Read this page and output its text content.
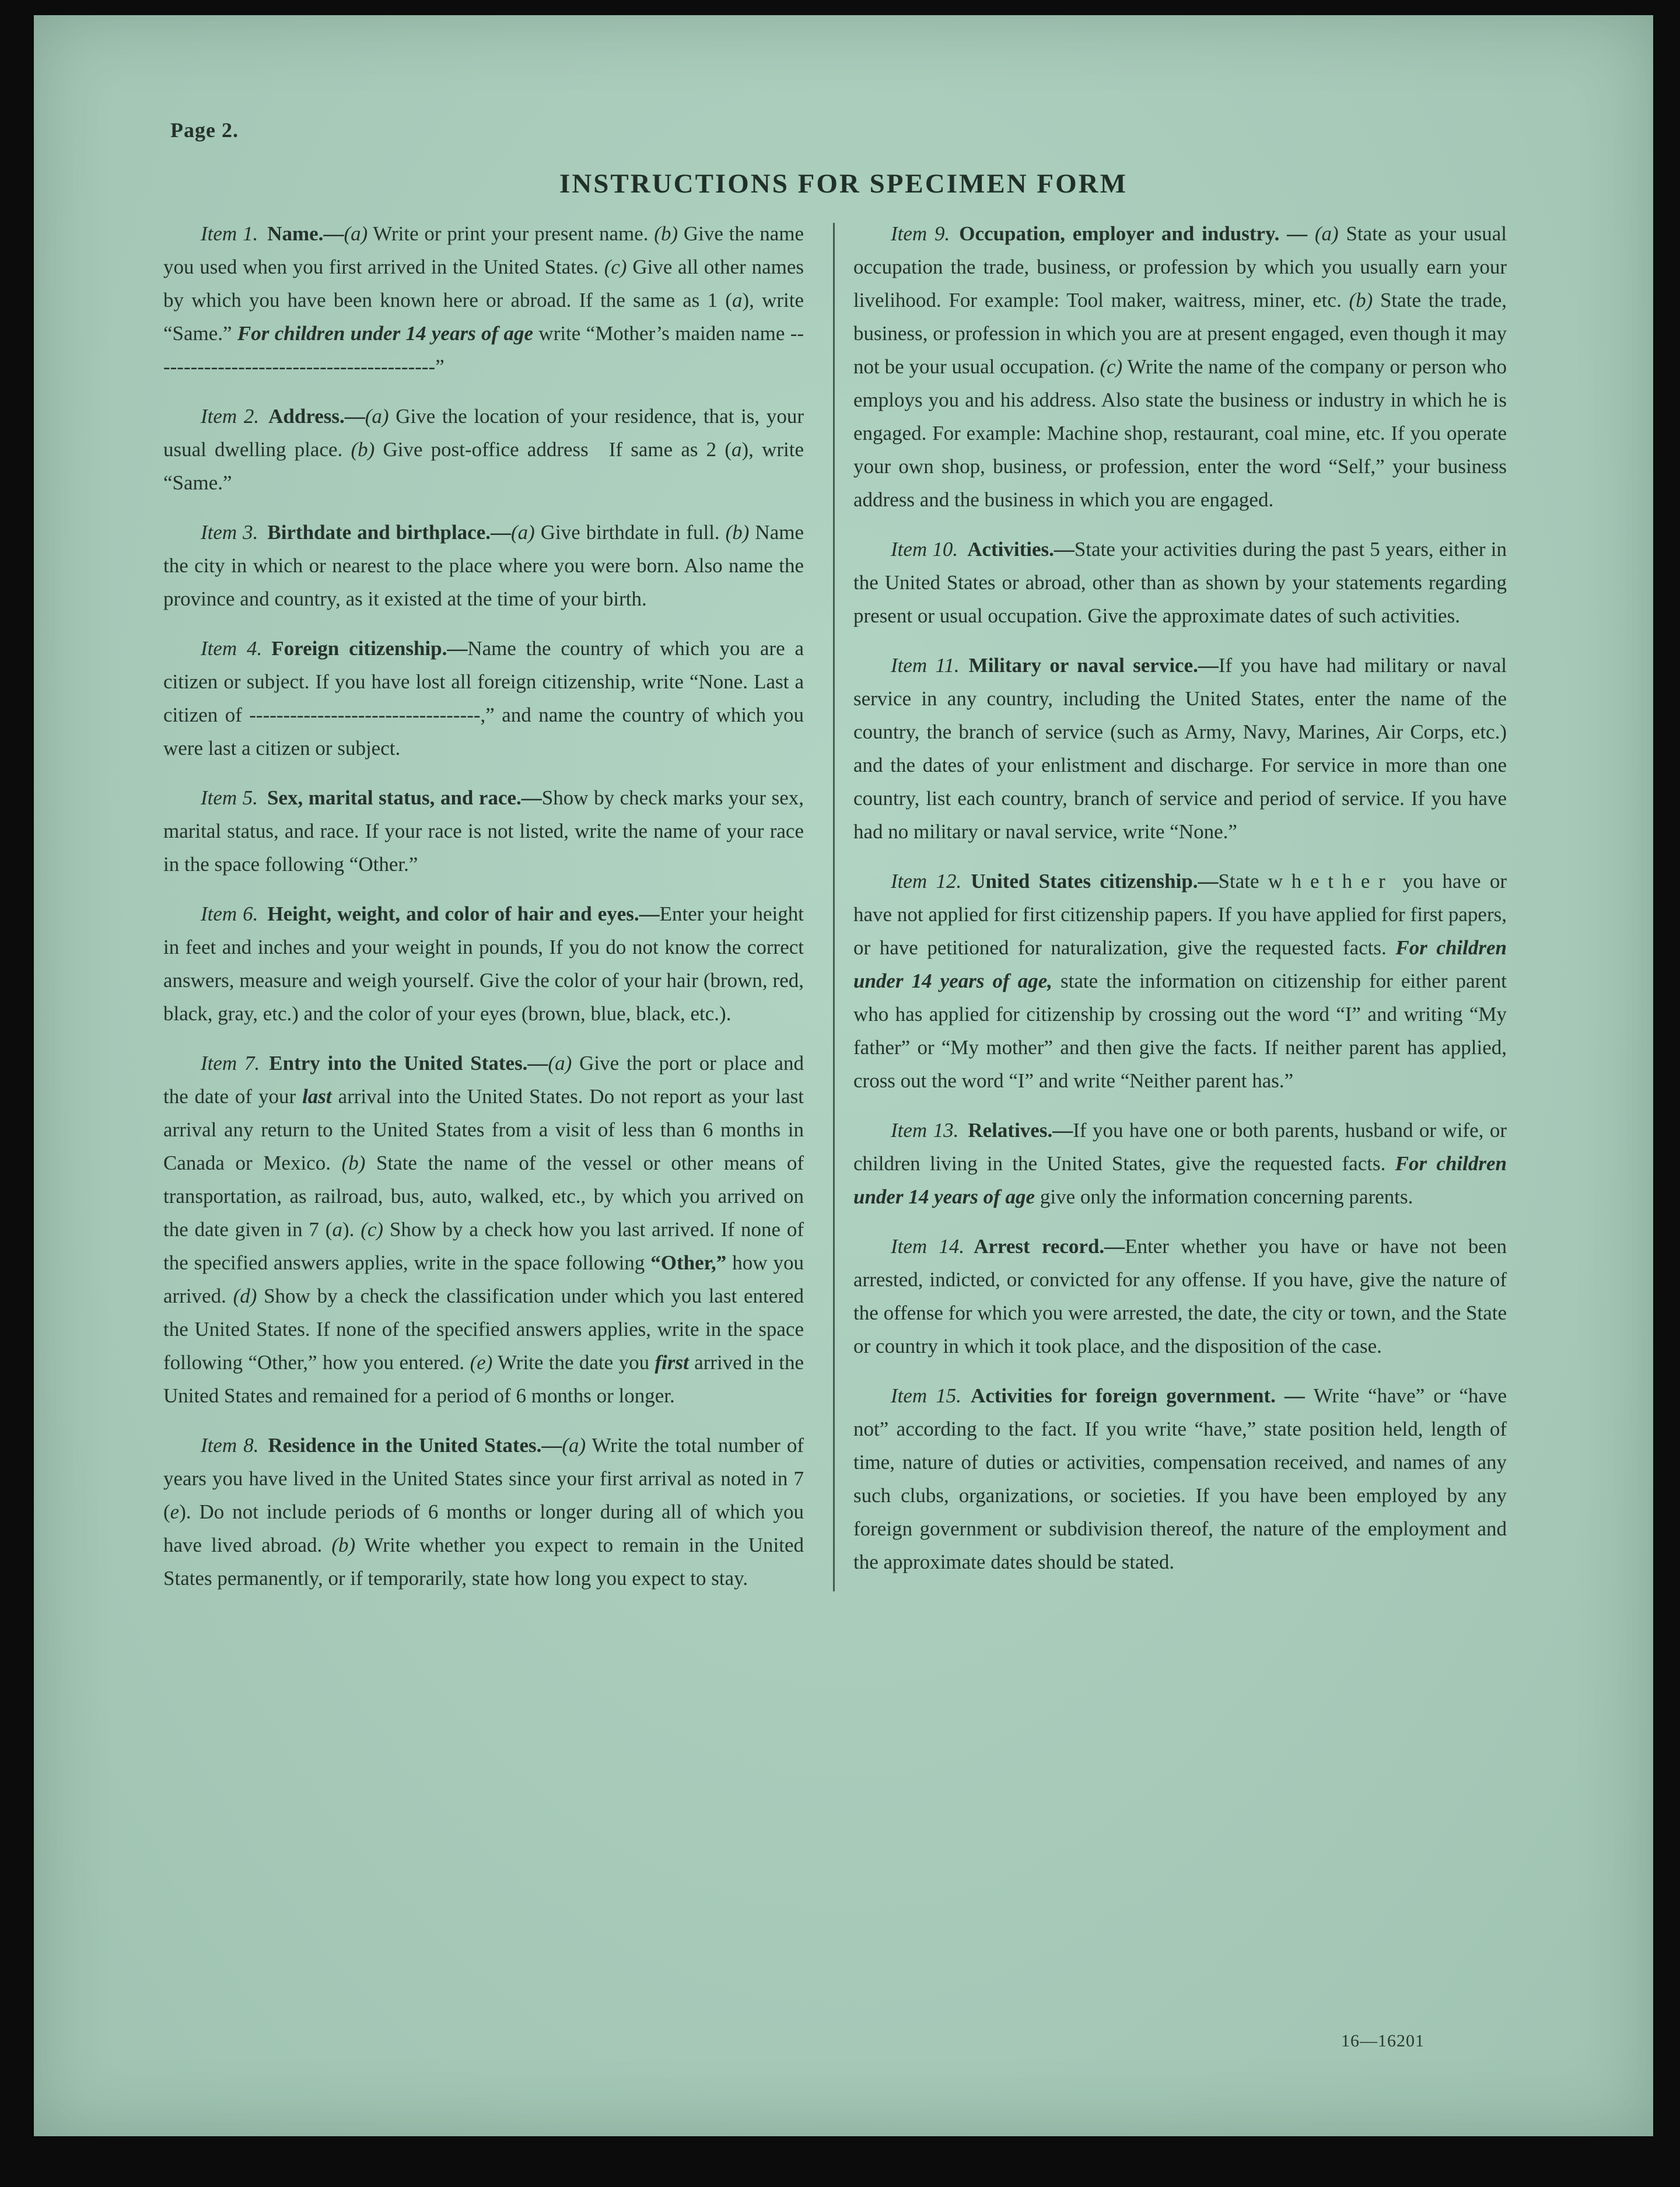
Page 2.
INSTRUCTIONS FOR SPECIMEN FORM

Item 1. Name.—(a) Write or print your present name. (b) Give the name you used when you first arrived in the United States. (c) Give all other names by which you have been known here or abroad. If the same as 1 (a), write “Same.” For children under 14 years of age write “Mother’s maiden name ------------------------------------------”

Item 2. Address.—(a) Give the location of your residence, that is, your usual dwelling place. (b) Give post-office address If same as 2 (a), write “Same.”

Item 3. Birthdate and birthplace.—(a) Give birthdate in full. (b) Name the city in which or nearest to the place where you were born. Also name the province and country, as it existed at the time of your birth.

Item 4. Foreign citizenship.—Name the country of which you are a citizen or subject. If you have lost all foreign citizenship, write “None. Last a citizen of ----------------------------------,” and name the country of which you were last a citizen or subject.

Item 5. Sex, marital status, and race.—Show by check marks your sex, marital status, and race. If your race is not listed, write the name of your race in the space following “Other.”

Item 6. Height, weight, and color of hair and eyes.—Enter your height in feet and inches and your weight in pounds, If you do not know the correct answers, measure and weigh yourself. Give the color of your hair (brown, red, black, gray, etc.) and the color of your eyes (brown, blue, black, etc.).

Item 7. Entry into the United States.—(a) Give the port or place and the date of your last arrival into the United States. Do not report as your last arrival any return to the United States from a visit of less than 6 months in Canada or Mexico. (b) State the name of the vessel or other means of transportation, as railroad, bus, auto, walked, etc., by which you arrived on the date given in 7 (a). (c) Show by a check how you last arrived. If none of the specified answers applies, write in the space following “Other,” how you arrived. (d) Show by a check the classification under which you last entered the United States. If none of the specified answers applies, write in the space following “Other,” how you entered. (e) Write the date you first arrived in the United States and remained for a period of 6 months or longer.

Item 8. Residence in the United States.—(a) Write the total number of years you have lived in the United States since your first arrival as noted in 7 (e). Do not include periods of 6 months or longer during all of which you have lived abroad. (b) Write whether you expect to remain in the United States permanently, or if temporarily, state how long you expect to stay.

Item 9. Occupation, employer and industry. — (a) State as your usual occupation the trade, business, or profession by which you usually earn your livelihood. For example: Tool maker, waitress, miner, etc. (b) State the trade, business, or profession in which you are at present engaged, even though it may not be your usual occupation. (c) Write the name of the company or person who employs you and his address. Also state the business or industry in which he is engaged. For example: Machine shop, restaurant, coal mine, etc. If you operate your own shop, business, or profession, enter the word “Self,” your business address and the business in which you are engaged.

Item 10. Activities.—State your activities during the past 5 years, either in the United States or abroad, other than as shown by your statements regarding present or usual occupation. Give the approximate dates of such activities.

Item 11. Military or naval service.—If you have had military or naval service in any country, including the United States, enter the name of the country, the branch of service (such as Army, Navy, Marines, Air Corps, etc.) and the dates of your enlistment and discharge. For service in more than one country, list each country, branch of service and period of service. If you have had no military or naval service, write “None.”

Item 12. United States citizenship.—State whether you have or have not applied for first citizenship papers. If you have applied for first papers, or have petitioned for naturalization, give the requested facts. For children under 14 years of age, state the information on citizenship for either parent who has applied for citizenship by crossing out the word “I” and writing “My father” or “My mother” and then give the facts. If neither parent has applied, cross out the word “I” and write “Neither parent has.”

Item 13. Relatives.—If you have one or both parents, husband or wife, or children living in the United States, give the requested facts. For children under 14 years of age give only the information concerning parents.

Item 14. Arrest record.—Enter whether you have or have not been arrested, indicted, or convicted for any offense. If you have, give the nature of the offense for which you were arrested, the date, the city or town, and the State or country in which it took place, and the disposition of the case.

Item 15. Activities for foreign government. — Write “have” or “have not” according to the fact. If you write “have,” state position held, length of time, nature of duties or activities, compensation received, and names of any such clubs, organizations, or societies. If you have been employed by any foreign government or subdivision thereof, the nature of the employment and the approximate dates should be stated.

16—16201
